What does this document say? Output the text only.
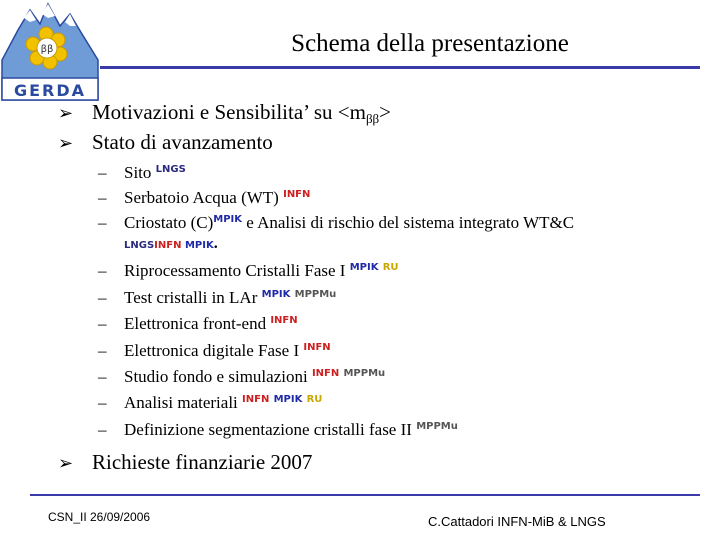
ββ
GERDA
Schema della presentazione
➢ Motivazioni e Sensibilita’ su <mββ>
➢ Stato di avanzamento
– Sito $^{LNGS}$
– Serbatoio Acqua (WT) $^{INFN}$
– Criostato $(C)^{MPIK}$ e Analisi di rischio del sistema integrato WT&C
LNGSINFN MPIK.
– Riprocessamento Cristalli Fase I $^{MPIK}$ $^{RU}$
– Test cristalli in LAr $^{MPIK}$ $^{MPPMu}$
– Elettronica front-end $^{INFN}$
– Elettronica digitale Fase I $^{INFN}$
– Studio fondo e simulazioni $^{INFN}$ $^{MPPMu}$
– Analisi materiali $^{INFN}$ $^{MPIK}$ $^{RU}$
– Definizione segmentazione cristalli fase II $^{MPPMu}$
➢ Richieste finanziarie 2007
CSN_II 26/09/2006	C.Cattadori INFN-MiB & LNGS
